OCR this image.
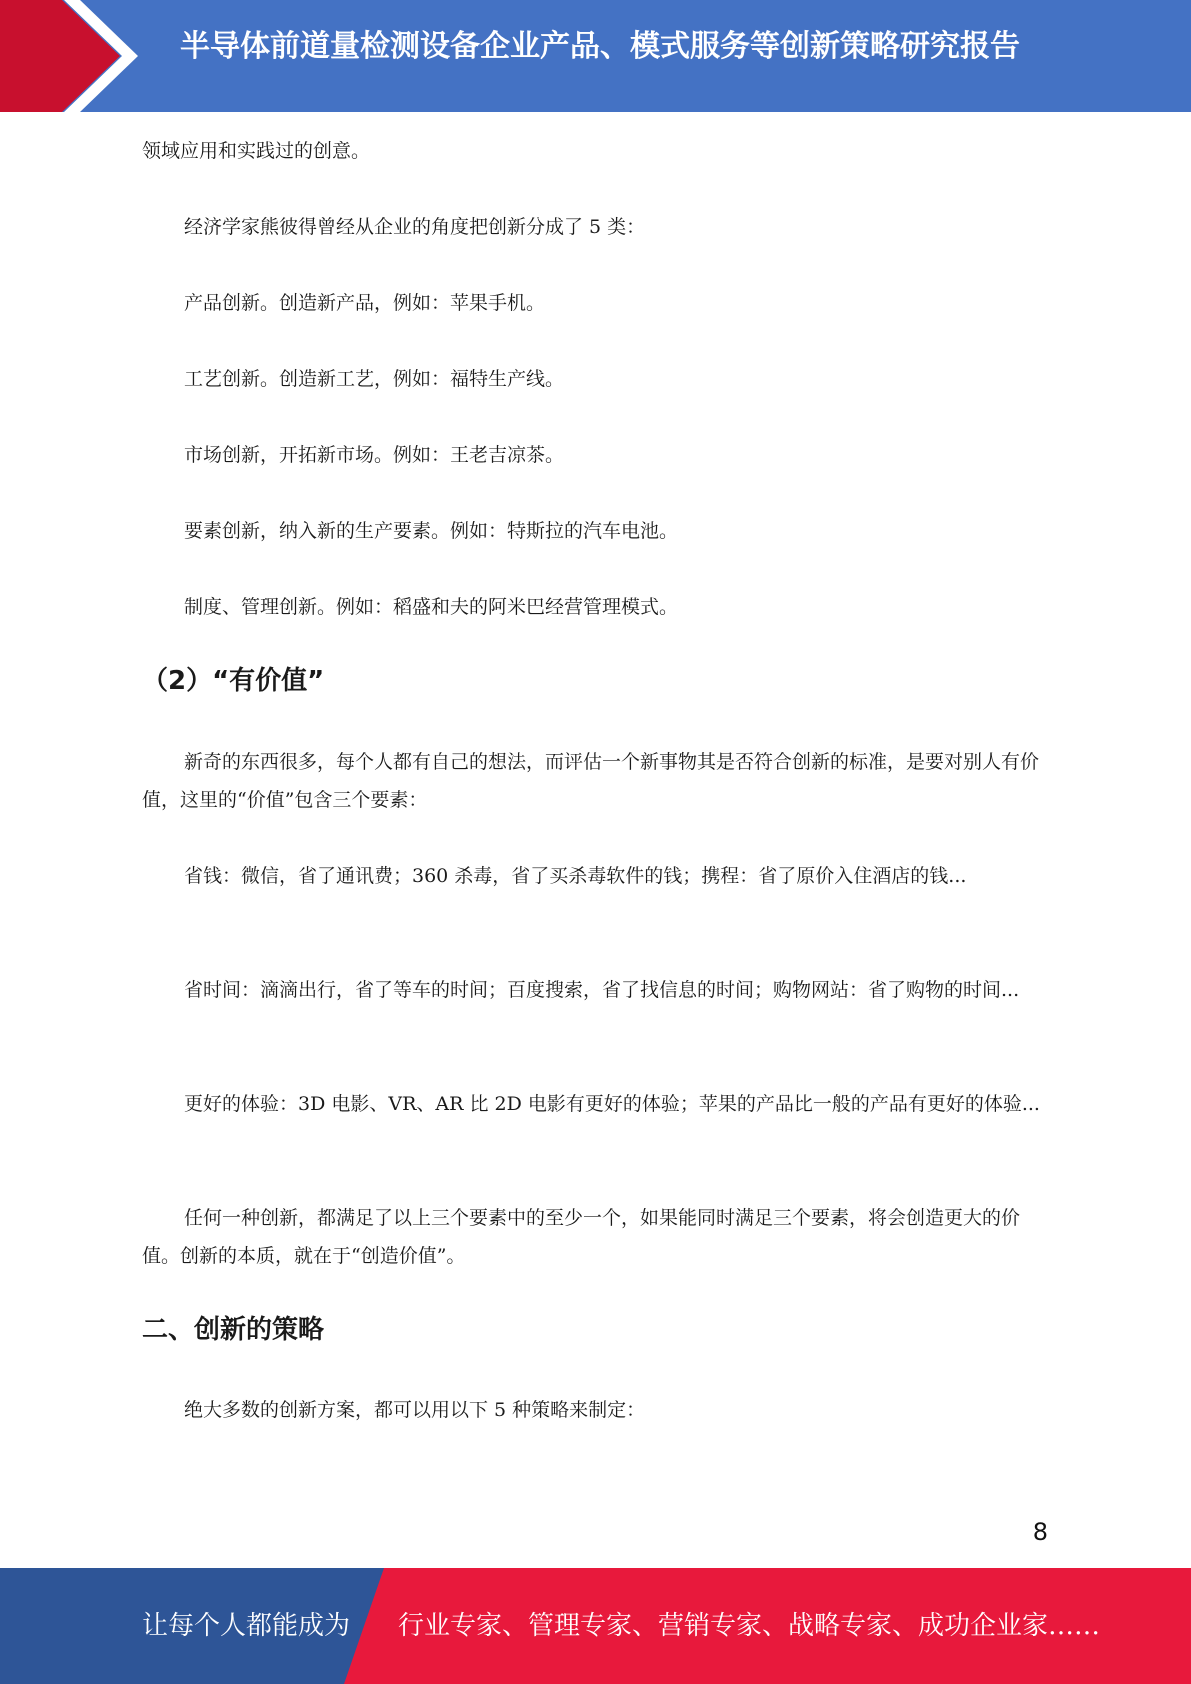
半导体前道量检测设备企业产品、模式服务等创新策略研究报告

领域应用和实践过的创意。

经济学家熊彼得曾经从企业的角度把创新分成了 5 类：

产品创新。创造新产品，例如：苹果手机。

工艺创新。创造新工艺，例如：福特生产线。

市场创新，开拓新市场。例如：王老吉凉茶。

要素创新，纳入新的生产要素。例如：特斯拉的汽车电池。

制度、管理创新。例如：稻盛和夫的阿米巴经营管理模式。

（2）“有价值”

新奇的东西很多，每个人都有自己的想法，而评估一个新事物其是否符合创新的标准，是要对别人有价值，这里的“价值”包含三个要素：

省钱：微信，省了通讯费；360 杀毒，省了买杀毒软件的钱；携程：省了原价入住酒店的钱...

省时间：滴滴出行，省了等车的时间；百度搜索，省了找信息的时间；购物网站：省了购物的时间...

更好的体验：3D 电影、VR、AR 比 2D 电影有更好的体验；苹果的产品比一般的产品有更好的体验...

任何一种创新，都满足了以上三个要素中的至少一个，如果能同时满足三个要素，将会创造更大的价值。创新的本质，就在于“创造价值”。

二、创新的策略

绝大多数的创新方案，都可以用以下 5 种策略来制定：

8
让每个人都能成为 行业专家、管理专家、营销专家、战略专家、成功企业家……
